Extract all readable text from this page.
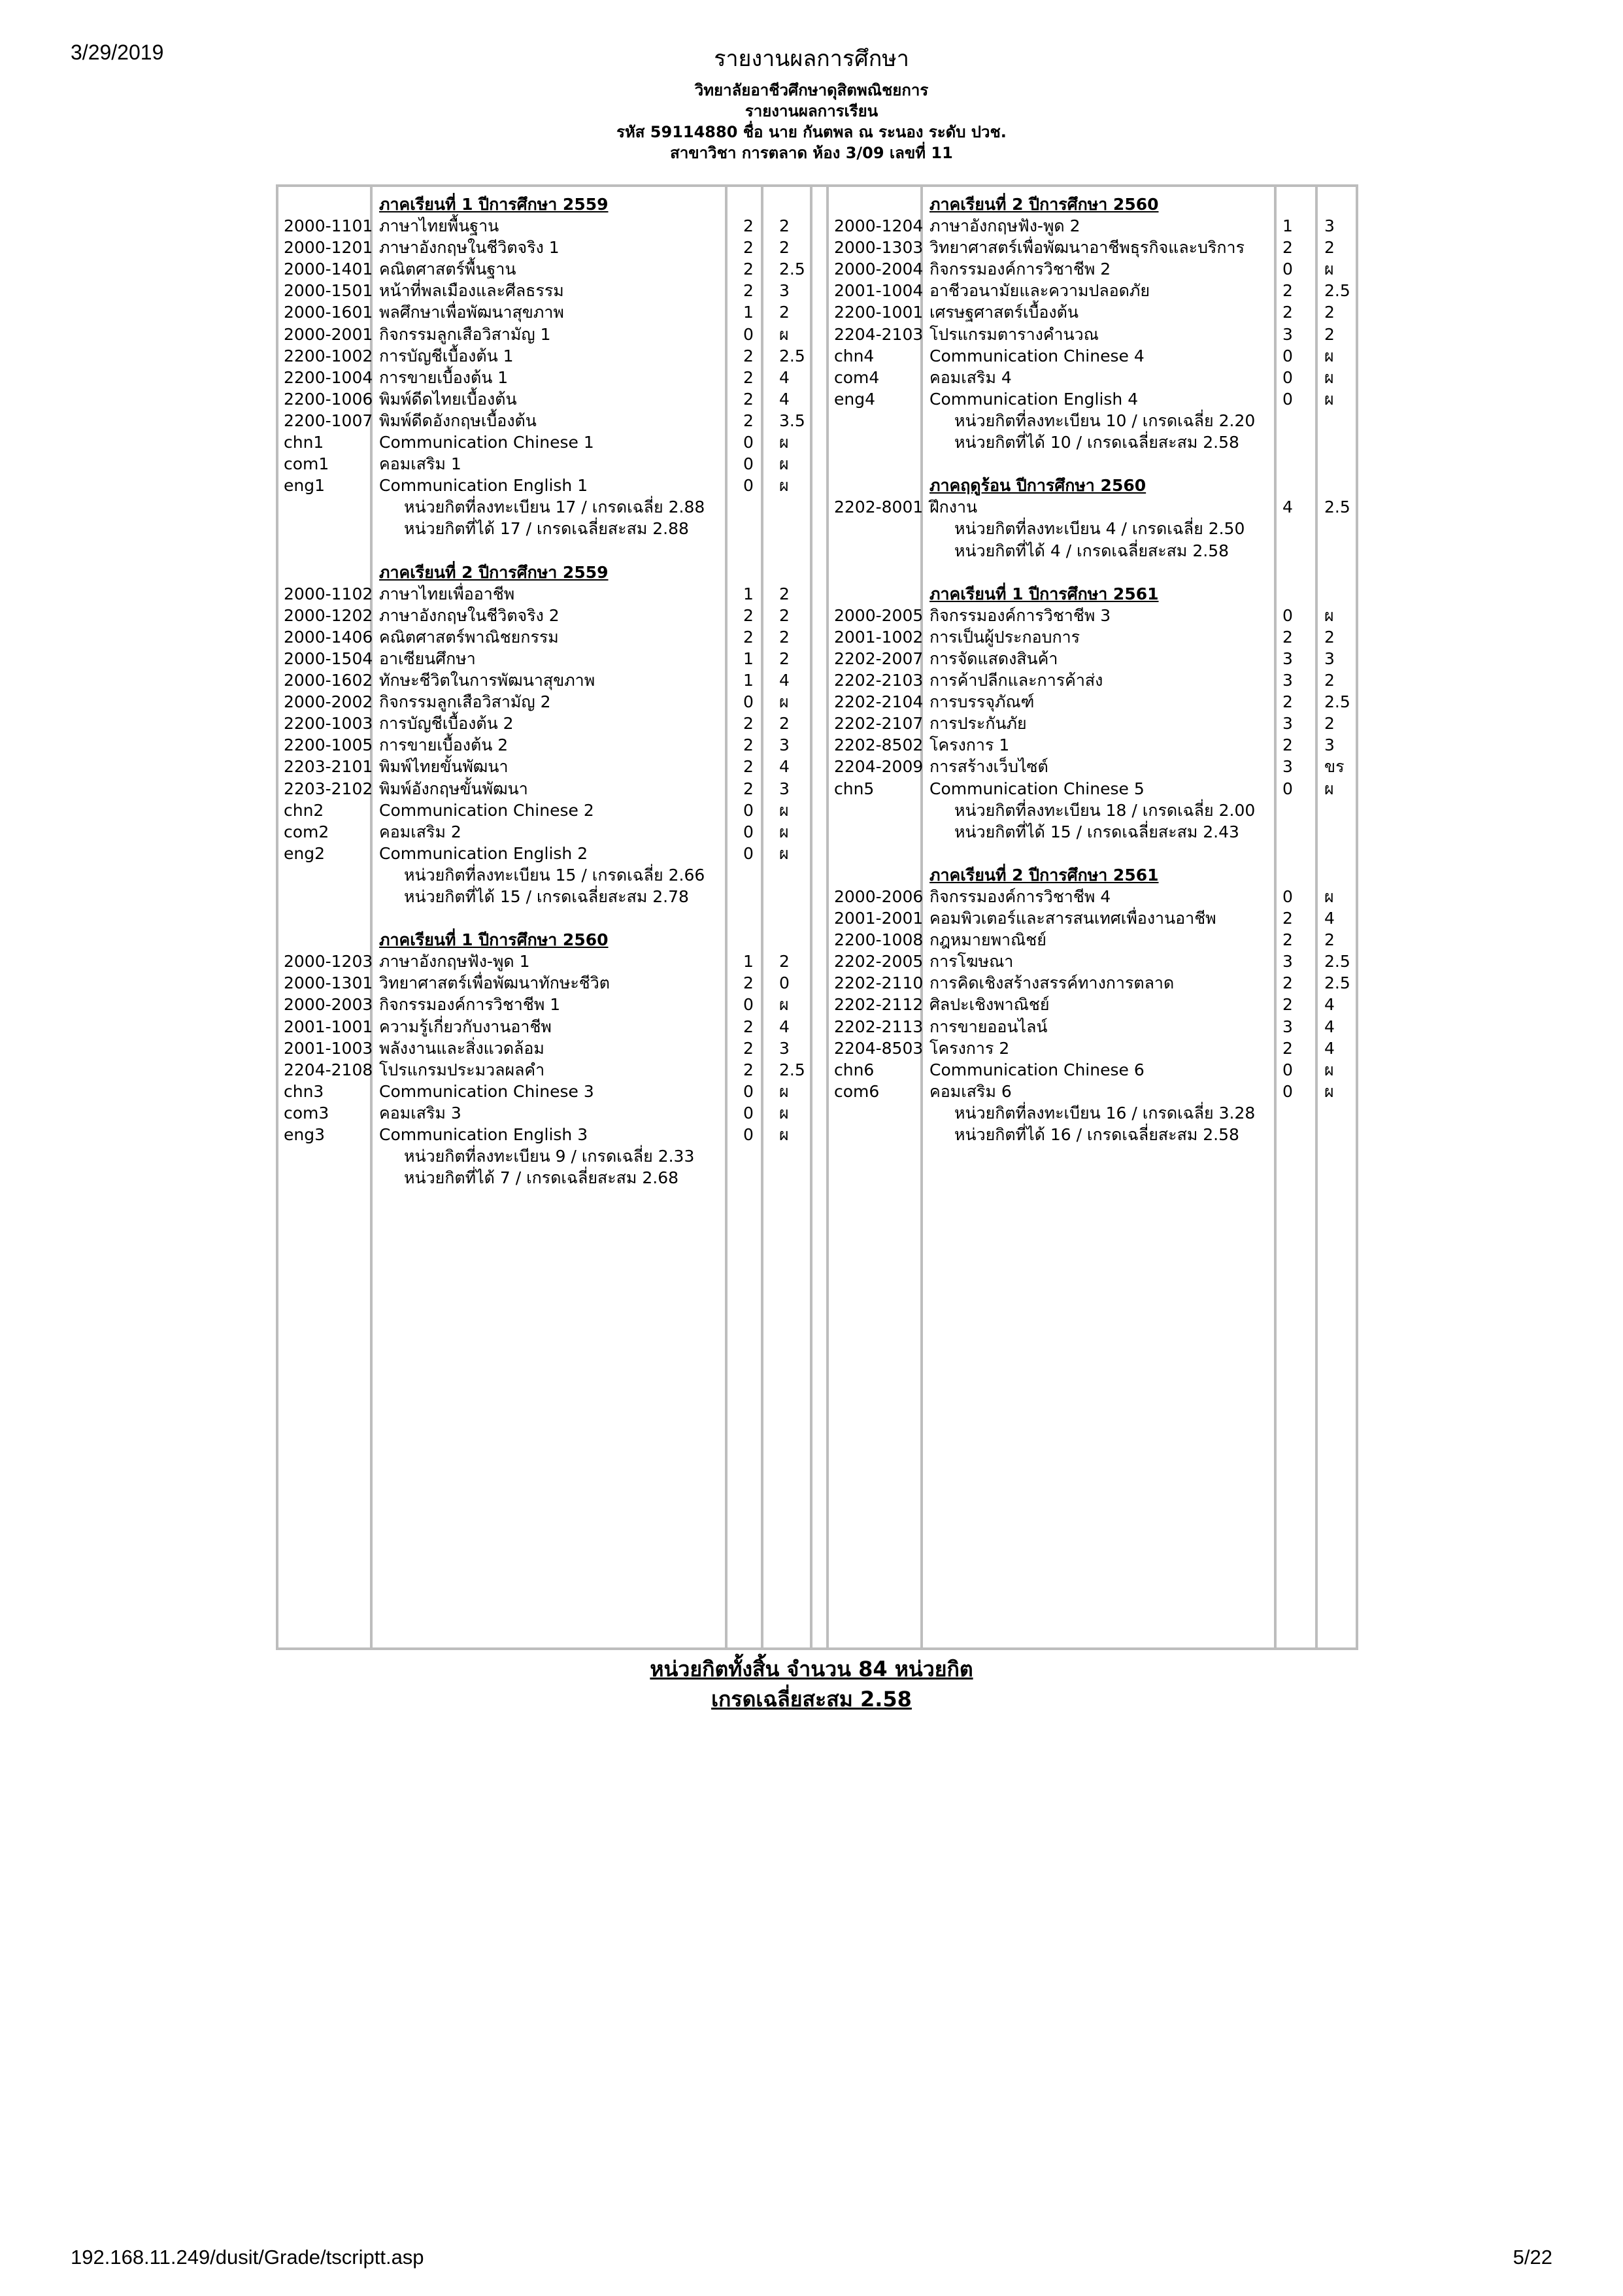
3/29/2019	รายงานผลการศึกษา
วิทยาลัยอาชีวศึกษาดุสิตพณิชยการ
รายงานผลการเรียน
รหัส 59114880 ชื่อ นาย กันตพล ณ ระนอง ระดับ ปวช.
สาขาวิชา การตลาด ห้อง 3/09 เลขที่ 11
ภาคเรียนที่ 1 ปีการศึกษา 2559
2000-1101 ภาษาไทยพื้นฐาน	2 2
2000-1201 ภาษาอังกฤษในชีวิตจริง 1	2 2
2000-1401 คณิตศาสตร์พื้นฐาน	2 2.5
2000-1501 หน้าที่พลเมืองและศีลธรรม	2 3
2000-1601 พลศึกษาเพื่อพัฒนาสุขภาพ	1 2
2000-2001 กิจกรรมลูกเสือวิสามัญ 1	0 ผ
2200-1002 การบัญชีเบื้องต้น 1	2 2.5
2200-1004 การขายเบื้องต้น 1	2 4
2200-1006 พิมพ์ดีดไทยเบื้องต้น	2 4
2200-1007 พิมพ์ดีดอังกฤษเบื้องต้น	2 3.5
chn1	Communication Chinese 1	0 ผ
com1	คอมเสริม 1	0 ผ
eng1	Communication English 1	0 ผ
หน่วยกิตที่ลงทะเบียน 17 / เกรดเฉลี่ย 2.88
หน่วยกิตที่ได้ 17 / เกรดเฉลี่ยสะสม 2.88
ภาคเรียนที่ 2 ปีการศึกษา 2559
2000-1102 ภาษาไทยเพื่ออาชีพ	1 2
2000-1202 ภาษาอังกฤษในชีวิตจริง 2	2 2
2000-1406 คณิตศาสตร์พาณิชยกรรม	2 2
2000-1504 อาเซียนศึกษา	1 2
2000-1602 ทักษะชีวิตในการพัฒนาสุขภาพ	1 4
2000-2002 กิจกรรมลูกเสือวิสามัญ 2	0 ผ
2200-1003 การบัญชีเบื้องต้น 2	2 2
2200-1005 การขายเบื้องต้น 2	2 3
2203-2101 พิมพ์ไทยขั้นพัฒนา	2 4
2203-2102 พิมพ์อังกฤษขั้นพัฒนา	2 3
chn2	Communication Chinese 2	0 ผ
com2	คอมเสริม 2	0 ผ
eng2	Communication English 2	0 ผ
หน่วยกิตที่ลงทะเบียน 15 / เกรดเฉลี่ย 2.66
หน่วยกิตที่ได้ 15 / เกรดเฉลี่ยสะสม 2.78
ภาคเรียนที่ 1 ปีการศึกษา 2560
2000-1203 ภาษาอังกฤษฟัง-พูด 1	1 2
2000-1301 วิทยาศาสตร์เพื่อพัฒนาทักษะชีวิต	2 0
2000-2003 กิจกรรมองค์การวิชาชีพ 1	0 ผ
2001-1001 ความรู้เกี่ยวกับงานอาชีพ	2 4
2001-1003 พลังงานและสิ่งแวดล้อม	2 3
2204-2108 โปรแกรมประมวลผลคำ	2 2.5
chn3	Communication Chinese 3	0 ผ
com3	คอมเสริม 3	0 ผ
eng3	Communication English 3	0 ผ
หน่วยกิตที่ลงทะเบียน 9 / เกรดเฉลี่ย 2.33
หน่วยกิตที่ได้ 7 / เกรดเฉลี่ยสะสม 2.68
ภาคเรียนที่ 2 ปีการศึกษา 2560
2000-1204 ภาษาอังกฤษฟัง-พูด 2	1 3
2000-1303 วิทยาศาสตร์เพื่อพัฒนาอาชีพธุรกิจและบริการ 2 2
2000-2004 กิจกรรมองค์การวิชาชีพ 2	0 ผ
2001-1004 อาชีวอนามัยและความปลอดภัย	2 2.5
2200-1001 เศรษฐศาสตร์เบื้องต้น	2 2
2204-2103 โปรแกรมตารางคำนวณ	3 2
chn4	Communication Chinese 4	0 ผ
com4	คอมเสริม 4	0 ผ
eng4	Communication English 4	0 ผ
หน่วยกิตที่ลงทะเบียน 10 / เกรดเฉลี่ย 2.20
หน่วยกิตที่ได้ 10 / เกรดเฉลี่ยสะสม 2.58
ภาคฤดูร้อน ปีการศึกษา 2560
2202-8001 ฝึกงาน	4 2.5
หน่วยกิตที่ลงทะเบียน 4 / เกรดเฉลี่ย 2.50
หน่วยกิตที่ได้ 4 / เกรดเฉลี่ยสะสม 2.58
ภาคเรียนที่ 1 ปีการศึกษา 2561
2000-2005 กิจกรรมองค์การวิชาชีพ 3	0 ผ
2001-1002 การเป็นผู้ประกอบการ	2 2
2202-2007 การจัดแสดงสินค้า	3 3
2202-2103 การค้าปลีกและการค้าส่ง	3 2
2202-2104 การบรรจุภัณฑ์	2 2.5
2202-2107 การประกันภัย	3 2
2202-8502 โครงการ 1	2 3
2204-2009 การสร้างเว็บไซต์	3 ขร
chn5	Communication Chinese 5	0 ผ
หน่วยกิตที่ลงทะเบียน 18 / เกรดเฉลี่ย 2.00
หน่วยกิตที่ได้ 15 / เกรดเฉลี่ยสะสม 2.43
ภาคเรียนที่ 2 ปีการศึกษา 2561
2000-2006 กิจกรรมองค์การวิชาชีพ 4	0 ผ
2001-2001 คอมพิวเตอร์และสารสนเทศเพื่องานอาชีพ	2 4
2200-1008 กฎหมายพาณิชย์	2 2
2202-2005 การโฆษณา	3 2.5
2202-2110 การคิดเชิงสร้างสรรค์ทางการตลาด	2 2.5
2202-2112 ศิลปะเชิงพาณิชย์	2 4
2202-2113 การขายออนไลน์	3 4
2204-8503 โครงการ 2	2 4
chn6	Communication Chinese 6	0 ผ
com6	คอมเสริม 6	0 ผ
หน่วยกิตที่ลงทะเบียน 16 / เกรดเฉลี่ย 3.28
หน่วยกิตที่ได้ 16 / เกรดเฉลี่ยสะสม 2.58
หน่วยกิตทั้งสิ้น จำนวน 84 หน่วยกิต
เกรดเฉลี่ยสะสม 2.58
192.168.11.249/dusit/Grade/tscriptt.asp	5/22
